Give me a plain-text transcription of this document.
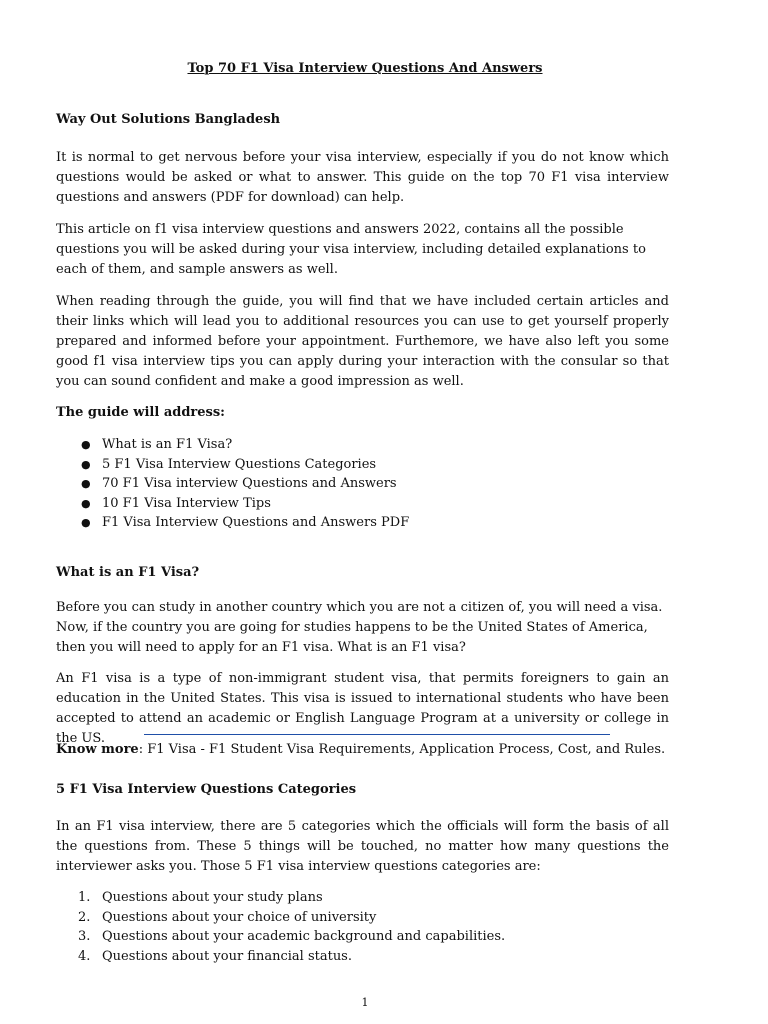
Top 70 F1 Visa Interview Questions And Answers
Way Out Solutions Bangladesh
It is normal to get nervous before your visa interview, especially if you do not know which questions would be asked or what to answer. This guide on the top 70 F1 visa interview questions and answers (PDF for download) can help.
This article on f1 visa interview questions and answers 2022, contains all the possible questions you will be asked during your visa interview, including detailed explanations to each of them, and sample answers as well.
When reading through the guide, you will find that we have included certain articles and their links which will lead you to additional resources you can use to get yourself properly prepared and informed before your appointment. Furthemore, we have also left you some good f1 visa interview tips you can apply during your interaction with the consular so that you can sound confident and make a good impression as well.
The guide will address:
● What is an F1 Visa?
● 5 F1 Visa Interview Questions Categories
● 70 F1 Visa interview Questions and Answers
● 10 F1 Visa Interview Tips
● F1 Visa Interview Questions and Answers PDF
What is an F1 Visa?
Before you can study in another country which you are not a citizen of, you will need a visa. Now, if the country you are going for studies happens to be the United States of America, then you will need to apply for an F1 visa. What is an F1 visa?
An F1 visa is a type of non-immigrant student visa, that permits foreigners to gain an education in the United States. This visa is issued to international students who have been accepted to attend an academic or English Language Program at a university or college in the US.
Know more: F1 Visa - F1 Student Visa Requirements, Application Process, Cost, and Rules.
5 F1 Visa Interview Questions Categories
In an F1 visa interview, there are 5 categories which the officials will form the basis of all the questions from. These 5 things will be touched, no matter how many questions the interviewer asks you. Those 5 F1 visa interview questions categories are:
1. Questions about your study plans
2. Questions about your choice of university
3. Questions about your academic background and capabilities.
4. Questions about your financial status.
1
